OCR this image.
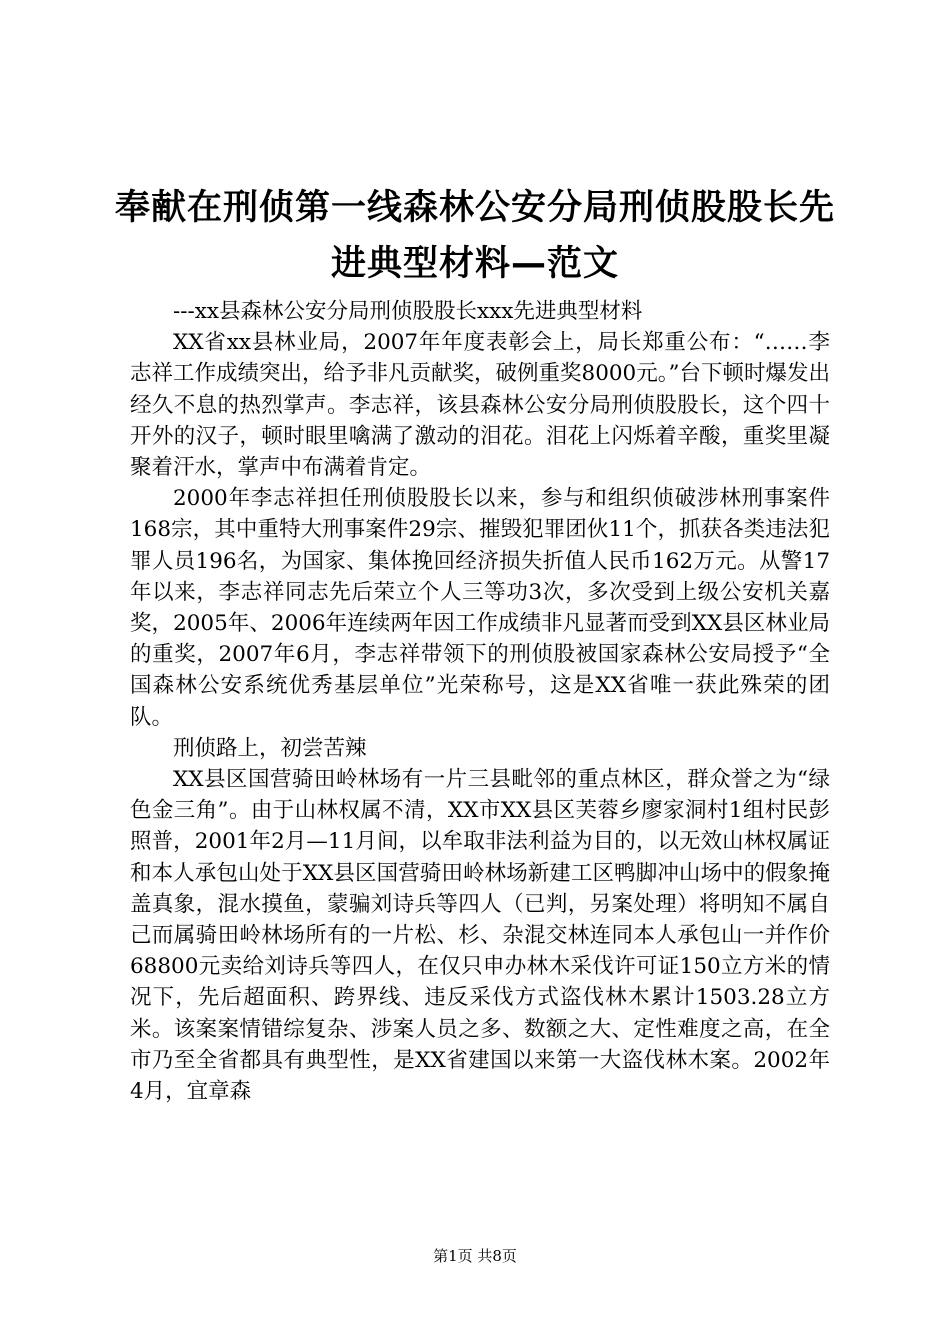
奉献在刑侦第一线森林公安分局刑侦股股长先
进典型材料—范文

---xx县森林公安分局刑侦股股长xxx先进典型材料

XX省xx县林业局，2007年年度表彰会上，局长郑重公布：“……李志祥工作成绩突出，给予非凡贡献奖，破例重奖8000元。”台下顿时爆发出经久不息的热烈掌声。李志祥，该县森林公安分局刑侦股股长，这个四十开外的汉子，顿时眼里噙满了激动的泪花。泪花上闪烁着辛酸，重奖里凝聚着汗水，掌声中布满着肯定。

2000年李志祥担任刑侦股股长以来，参与和组织侦破涉林刑事案件168宗，其中重特大刑事案件29宗、摧毁犯罪团伙11个，抓获各类违法犯罪人员196名，为国家、集体挽回经济损失折值人民币162万元。从警17年以来，李志祥同志先后荣立个人三等功3次，多次受到上级公安机关嘉奖，2005年、2006年连续两年因工作成绩非凡显著而受到XX县区林业局的重奖，2007年6月，李志祥带领下的刑侦股被国家森林公安局授予“全国森林公安系统优秀基层单位”光荣称号，这是XX省唯一获此殊荣的团队。

刑侦路上，初尝苦辣

XX县区国营骑田岭林场有一片三县毗邻的重点林区，群众誉之为“绿色金三角”。由于山林权属不清，XX市XX县区芙蓉乡廖家洞村1组村民彭照普，2001年2月—11月间，以牟取非法利益为目的，以无效山林权属证和本人承包山处于XX县区国营骑田岭林场新建工区鸭脚冲山场中的假象掩盖真象，混水摸鱼，蒙骗刘诗兵等四人（已判，另案处理）将明知不属自己而属骑田岭林场所有的一片松、杉、杂混交林连同本人承包山一并作价68800元卖给刘诗兵等四人，在仅只申办林木采伐许可证150立方米的情况下，先后超面积、跨界线、违反采伐方式盗伐林木累计1503.28立方米。该案案情错综复杂、涉案人员之多、数额之大、定性难度之高，在全市乃至全省都具有典型性，是XX省建国以来第一大盗伐林木案。2002年4月，宜章森

第1页 共8页
